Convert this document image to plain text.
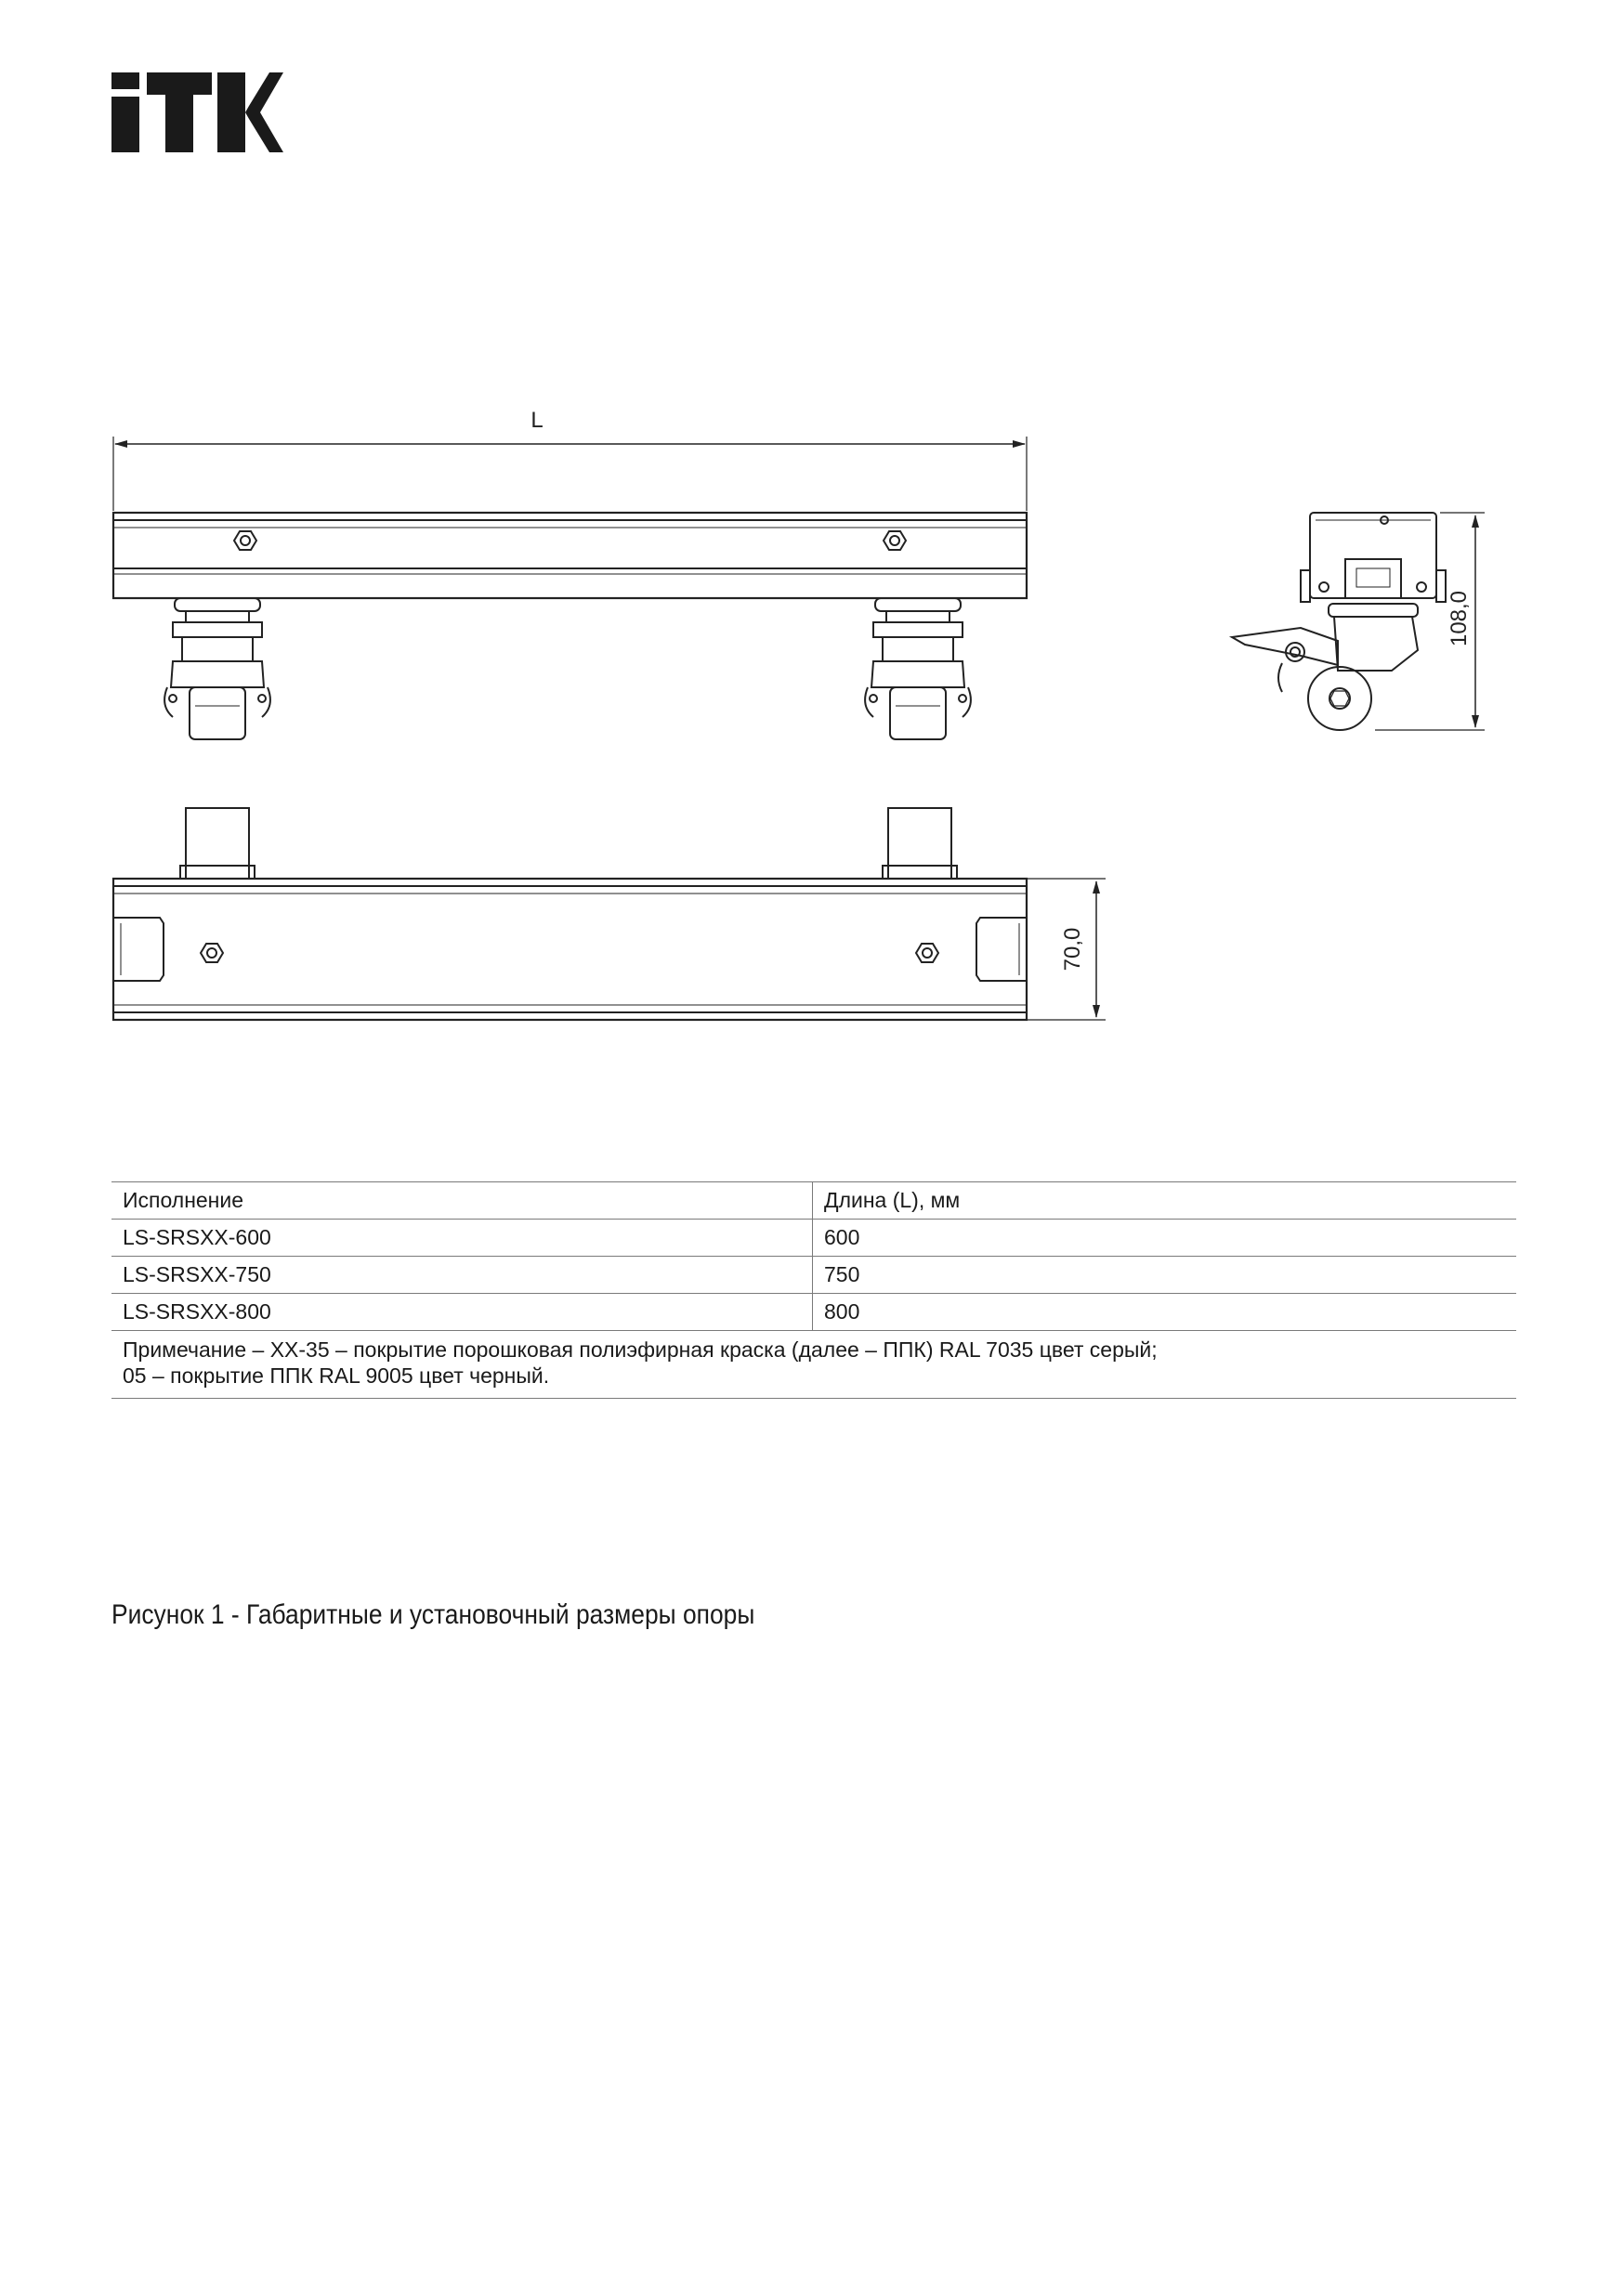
L
108,0
70,0
Исполнение	Длина (L), мм
LS-SRSXX-600	600
LS-SRSXX-750	750
LS-SRSXX-800	800

Примечание – XX-35 – покрытие порошковая полиэфирная краска (далее – ППК) RAL 7035 цвет серый;
05 – покрытие ППК RAL 9005 цвет черный.	
Рисунок 1 - Габаритные и установочный размеры опоры
